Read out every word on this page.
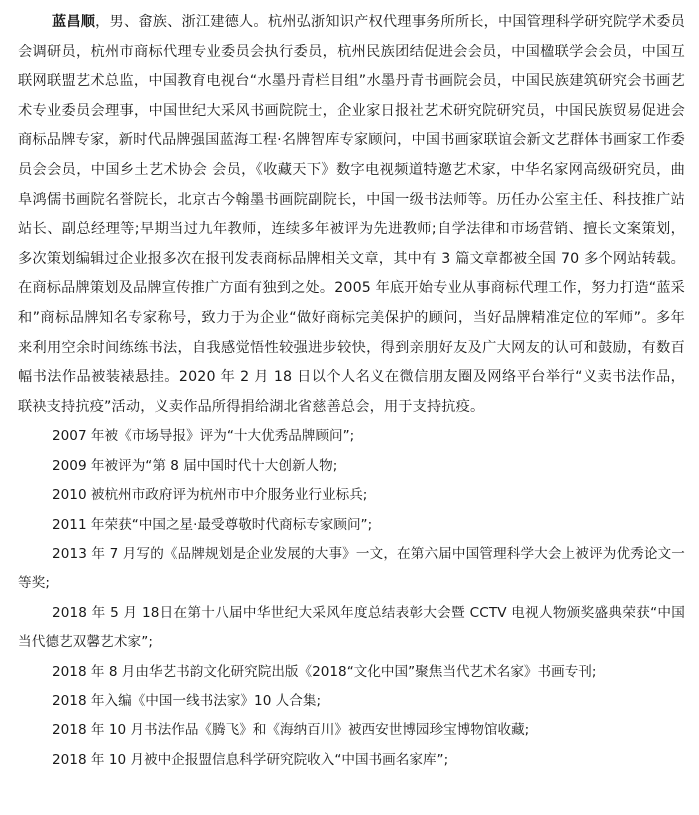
蓝昌顺，男、畲族、浙江建德人。杭州弘浙知识产权代理事务所所长，中国管理科学研究院学术委员会调研员，杭州市商标代理专业委员会执行委员，杭州民族团结促进会会员，中国楹联学会会员，中国互联网联盟艺术总监，中国教育电视台“水墨丹青栏目组”水墨丹青书画院会员，中国民族建筑研究会书画艺术专业委员会理事，中国世纪大采风书画院院士，企业家日报社艺术研究院研究员，中国民族贸易促进会商标品牌专家，新时代品牌强国蓝海工程·名牌智库专家顾问，中国书画家联谊会新文艺群体书画家工作委员会会员，中国乡土艺术协会 会员，《收藏天下》数字电视频道特邀艺术家，中华名家网高级研究员，曲阜鸿儒书画院名誉院长，北京古今翰墨书画院副院长，中国一级书法师等。历任办公室主任、科技推广站站长、副总经理等;早期当过九年教师，连续多年被评为先进教师;自学法律和市场营销、擅长文案策划，多次策划编辑过企业报多次在报刊发表商标品牌相关文章，其中有 3 篇文章都被全国 70 多个网站转载。在商标品牌策划及品牌宣传推广方面有独到之处。2005 年底开始专业从事商标代理工作，努力打造“蓝采和”商标品牌知名专家称号，致力于为企业“做好商标完美保护的顾问，当好品牌精准定位的军师”。多年来利用空余时间练练书法，自我感觉悟性较强进步较快，得到亲朋好友及广大网友的认可和鼓励，有数百幅书法作品被装裱悬挂。2020 年 2 月 18 日以个人名义在微信朋友圈及网络平台举行“义卖书法作品，联袂支持抗疫”活动，义卖作品所得捐给湖北省慈善总会，用于支持抗疫。

2007 年被《市场导报》评为“十大优秀品牌顾问”;

2009 年被评为“第 8 届中国时代十大创新人物;

2010 被杭州市政府评为杭州市中介服务业行业标兵;

2011 年荣获“中国之星·最受尊敬时代商标专家顾问”;

2013 年 7 月写的《品牌规划是企业发展的大事》一文，在第六届中国管理科学大会上被评为优秀论文一等奖;

2018 年 5 月 18日在第十八届中华世纪大采风年度总结表彰大会暨 CCTV 电视人物颁奖盛典荣获“中国当代德艺双馨艺术家”;

2018 年 8 月由华艺书韵文化研究院出版《2018“文化中国”聚焦当代艺术名家》书画专刊;

2018 年入编《中国一线书法家》10 人合集;

2018 年 10 月书法作品《腾飞》和《海纳百川》被西安世博园珍宝博物馆收藏;

2018 年 10 月被中企报盟信息科学研究院收入“中国书画名家库”;
